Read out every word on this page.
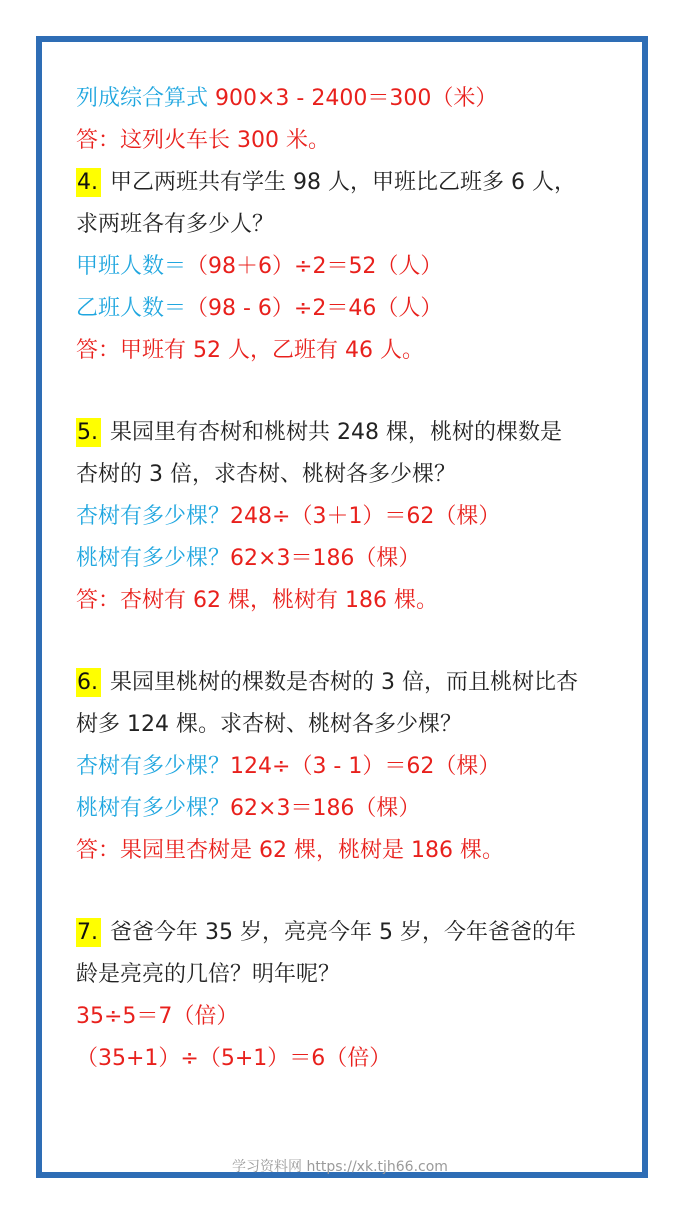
列成综合算式 900×3 - 2400＝300（米）
答：这列火车长 300 米。
4. 甲乙两班共有学生 98 人，甲班比乙班多 6 人，
求两班各有多少人？
甲班人数＝（98＋6）÷2＝52（人）
乙班人数＝（98 - 6）÷2＝46（人）
答：甲班有 52 人，乙班有 46 人。
5. 果园里有杏树和桃树共 248 棵，桃树的棵数是
杏树的 3 倍，求杏树、桃树各多少棵？
杏树有多少棵？248÷（3＋1）＝62（棵）
桃树有多少棵？62×3＝186（棵）
答：杏树有 62 棵，桃树有 186 棵。
6. 果园里桃树的棵数是杏树的 3 倍，而且桃树比杏
树多 124 棵。求杏树、桃树各多少棵？
杏树有多少棵？124÷（3 - 1）＝62（棵）
桃树有多少棵？62×3＝186（棵）
答：果园里杏树是 62 棵，桃树是 186 棵。
7. 爸爸今年 35 岁，亮亮今年 5 岁，今年爸爸的年
龄是亮亮的几倍？明年呢？
35÷5＝7（倍）
（35+1）÷（5+1）＝6（倍）
学习资料网 https://xk.tjh66.com
